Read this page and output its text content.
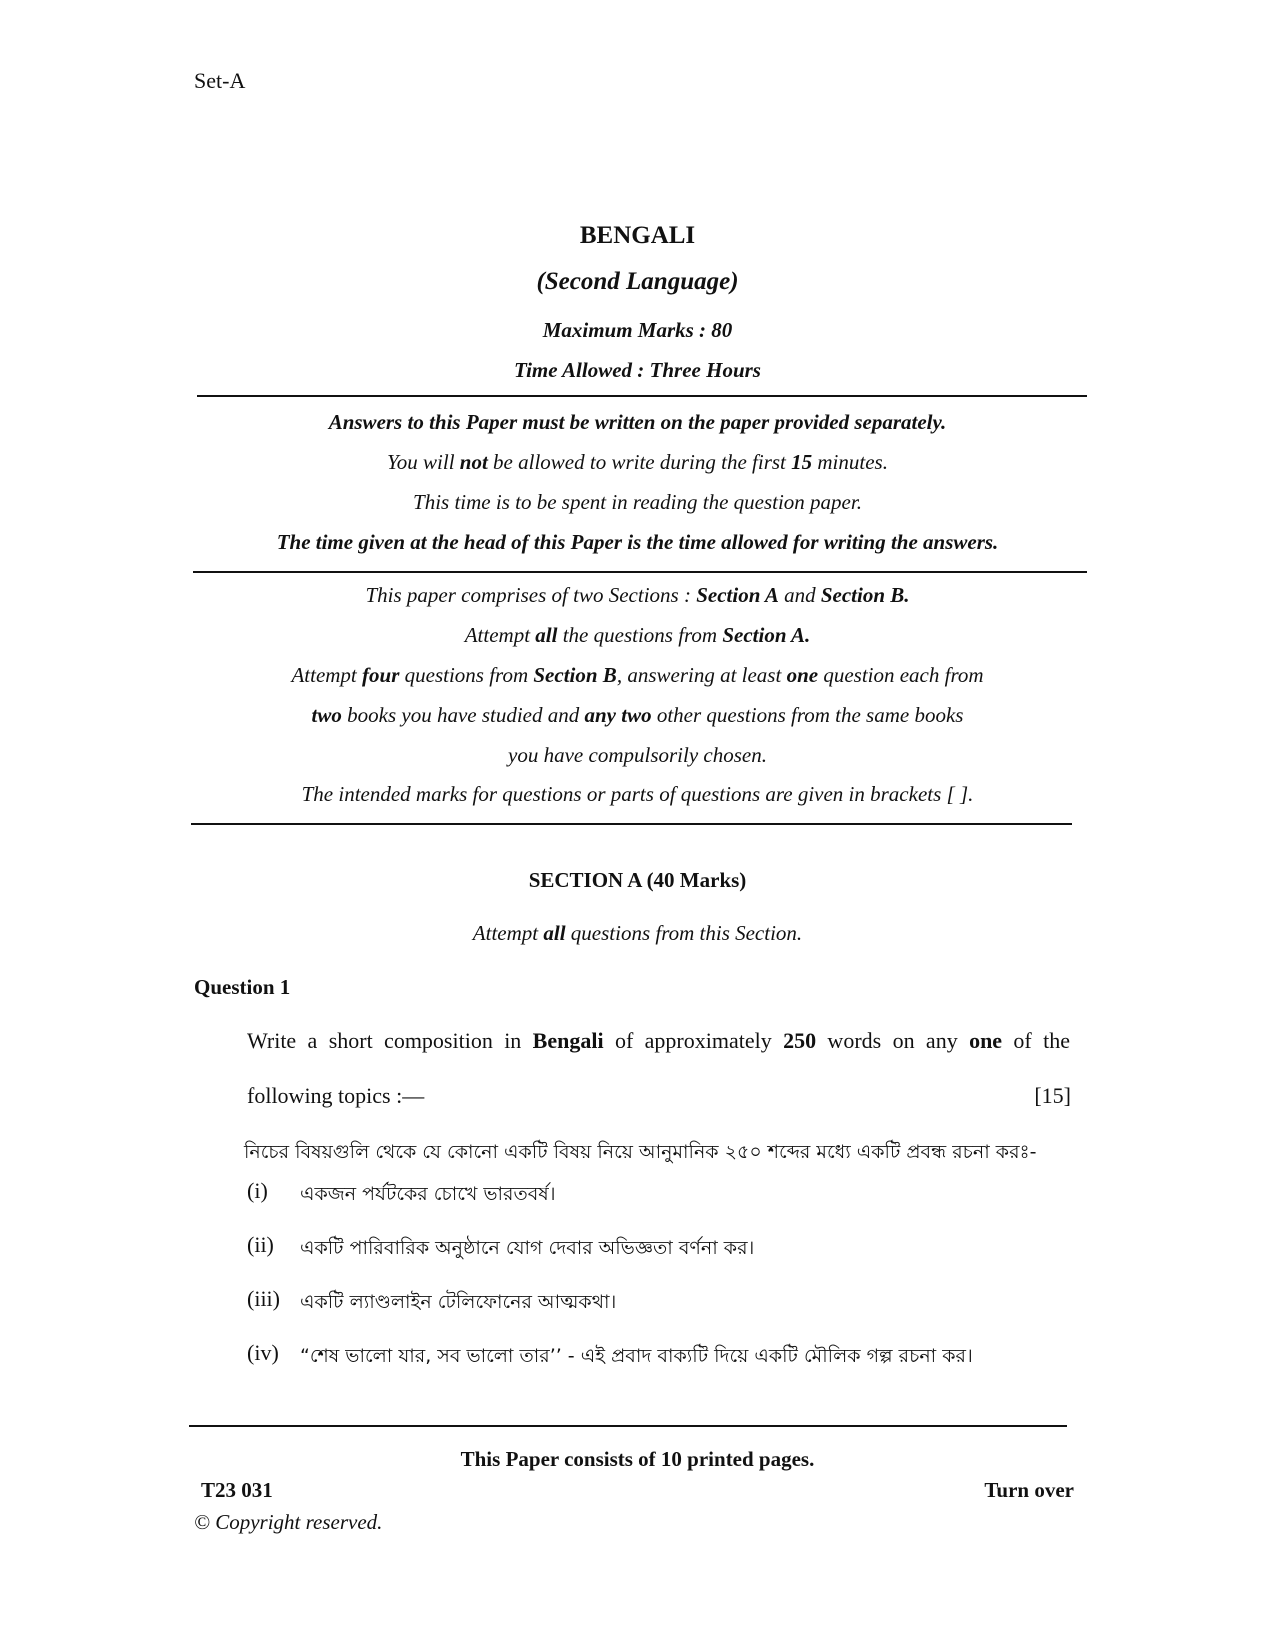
Set-A
BENGALI
(Second Language)
Maximum Marks : 80
Time Allowed : Three Hours
Answers to this Paper must be written on the paper provided separately.
You will not be allowed to write during the first 15 minutes.
This time is to be spent in reading the question paper.
The time given at the head of this Paper is the time allowed for writing the answers.
This paper comprises of two Sections : Section A and Section B.
Attempt all the questions from Section A.
Attempt four questions from Section B, answering at least one question each from
two books you have studied and any two other questions from the same books
you have compulsorily chosen.
The intended marks for questions or parts of questions are given in brackets [ ].
SECTION A (40 Marks)
Attempt all questions from this Section.
Question 1
Write a short composition in Bengali of approximately 250 words on any one of the
following topics :—	[15]
নিচের বিষয়গুলি থেকে যে কোনো একটি বিষয় নিয়ে আনুমানিক ২৫০ শব্দের মধ্যে একটি প্রবন্ধ রচনা করঃ-
(i) একজন পর্যটকের চোখে ভারতবর্ষ।
(ii) একটি পারিবারিক অনুষ্ঠানে যোগ দেবার অভিজ্ঞতা বর্ণনা কর।
(iii) একটি ল্যাণ্ডলাইন টেলিফোনের আত্মকথা।
(iv) “শেষ ভালো যার, সব ভালো তার’’ - এই প্রবাদ বাক্যটি দিয়ে একটি মৌলিক গল্প রচনা কর।
This Paper consists of 10 printed pages.
T23 031	Turn over
© Copyright reserved.
